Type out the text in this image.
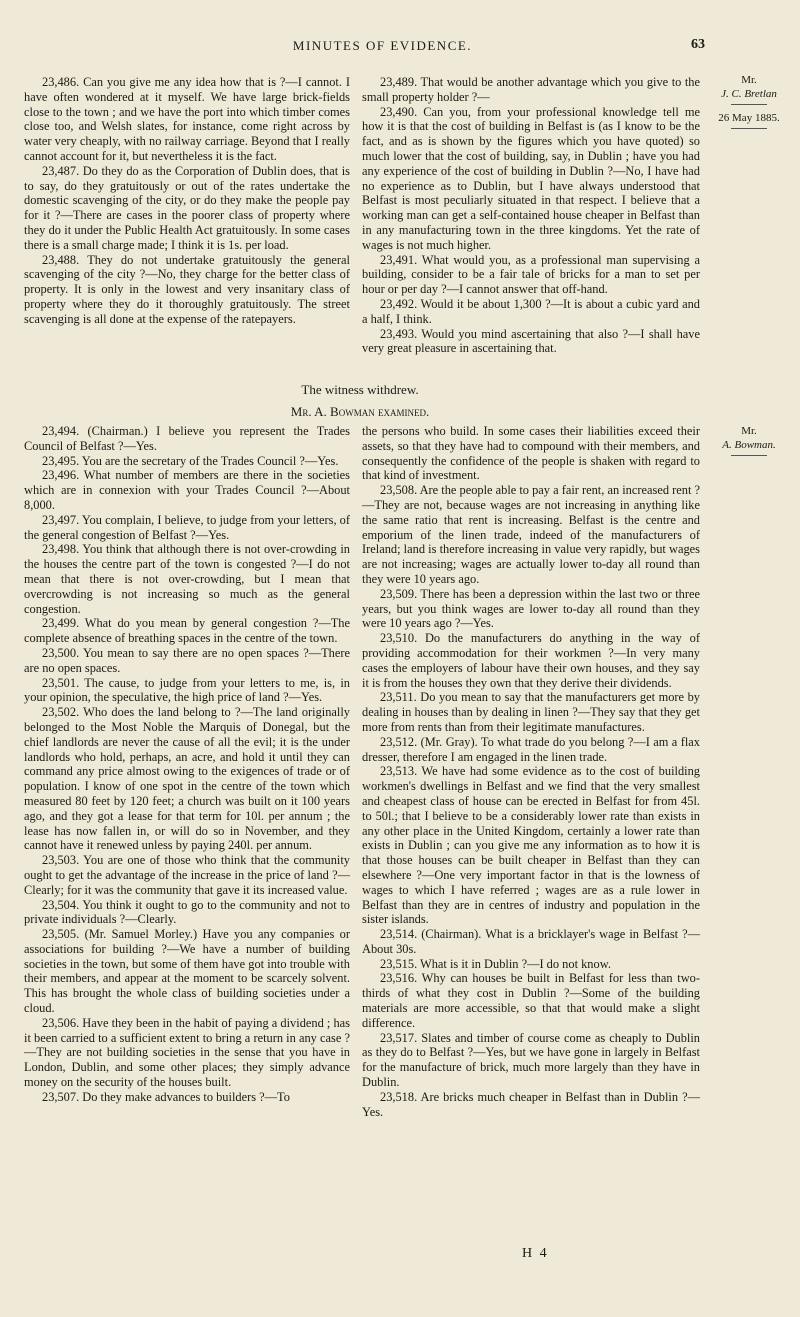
MINUTES OF EVIDENCE.	63

23,486. Can you give me any idea how that is ?—I cannot. I have often wondered at it myself. We have large brick-fields close to the town ; and we have the port into which timber comes close too, and Welsh slates, for instance, come right across by water very cheaply, with no railway carriage. Beyond that I really cannot account for it, but nevertheless it is the fact.

23,487. Do they do as the Corporation of Dublin does, that is to say, do they gratuitously or out of the rates undertake the domestic scavenging of the city, or do they make the people pay for it ?—There are cases in the poorer class of property where they do it under the Public Health Act gratuitously. In some cases there is a small charge made; I think it is 1s. per load.

23,488. They do not undertake gratuitously the general scavenging of the city ?—No, they charge for the better class of property. It is only in the lowest and very insanitary class of property where they do it thoroughly gratuitously. The street scavenging is all done at the expense of the ratepayers.

23,489. That would be another advantage which you give to the small property holder ?—

23,490. Can you, from your professional knowledge tell me how it is that the cost of building in Belfast is (as I know to be the fact, and as is shown by the figures which you have quoted) so much lower that the cost of building, say, in Dublin ; have you had any experience of the cost of building in Dublin ?—No, I have had no experience as to Dublin, but I have always understood that Belfast is most peculiarly situated in that respect. I believe that a working man can get a self-contained house cheaper in Belfast than in any manufacturing town in the three kingdoms. Yet the rate of wages is not much higher.

23,491. What would you, as a professional man supervising a building, consider to be a fair tale of bricks for a man to set per hour or per day ?—I cannot answer that off-hand.

23,492. Would it be about 1,300 ?—It is about a cubic yard and a half, I think.

23,493. Would you mind ascertaining that also ?—I shall have very great pleasure in ascertaining that.

Mr.
J. C. Bretlan
26 May 1885.
The witness withdrew.
Mr. A. Bowman examined.
Mr.
A. Bowman.

23,494. (Chairman.) I believe you represent the Trades Council of Belfast ?—Yes.

23,495. You are the secretary of the Trades Council ?—Yes.

23,496. What number of members are there in the societies which are in connexion with your Trades Council ?—About 8,000.

23,497. You complain, I believe, to judge from your letters, of the general congestion of Belfast ?—Yes.

23,498. You think that although there is not over-crowding in the houses the centre part of the town is congested ?—I do not mean that there is not over-crowding, but I mean that overcrowding is not increasing so much as the general congestion.

23,499. What do you mean by general congestion ?—The complete absence of breathing spaces in the centre of the town.

23,500. You mean to say there are no open spaces ?—There are no open spaces.

23,501. The cause, to judge from your letters to me, is, in your opinion, the speculative, the high price of land ?—Yes.

23,502. Who does the land belong to ?—The land originally belonged to the Most Noble the Marquis of Donegal, but the chief landlords are never the cause of all the evil; it is the under landlords who hold, perhaps, an acre, and hold it until they can command any price almost owing to the exigences of trade or of population. I know of one spot in the centre of the town which measured 80 feet by 120 feet; a church was built on it 100 years ago, and they got a lease for that term for 10l. per annum ; the lease has now fallen in, or will do so in November, and they cannot have it renewed unless by paying 240l. per annum.

23,503. You are one of those who think that the community ought to get the advantage of the increase in the price of land ?—Clearly; for it was the community that gave it its increased value.

23,504. You think it ought to go to the community and not to private individuals ?—Clearly.

23,505. (Mr. Samuel Morley.) Have you any companies or associations for building ?—We have a number of building societies in the town, but some of them have got into trouble with their members, and appear at the moment to be scarcely solvent. This has brought the whole class of building societies under a cloud.

23,506. Have they been in the habit of paying a dividend ; has it been carried to a sufficient extent to bring a return in any case ?—They are not building societies in the sense that you have in London, Dublin, and some other places; they simply advance money on the security of the houses built.

23,507. Do they make advances to builders ?—To

the persons who build. In some cases their liabilities exceed their assets, so that they have had to compound with their members, and consequently the confidence of the people is shaken with regard to that kind of investment.

23,508. Are the people able to pay a fair rent, an increased rent ?—They are not, because wages are not increasing in anything like the same ratio that rent is increasing. Belfast is the centre and emporium of the linen trade, indeed of the manufacturers of Ireland; land is therefore increasing in value very rapidly, but wages are not increasing; wages are actually lower to-day all round than they were 10 years ago.

23,509. There has been a depression within the last two or three years, but you think wages are lower to-day all round than they were 10 years ago ?—Yes.

23,510. Do the manufacturers do anything in the way of providing accommodation for their workmen ?—In very many cases the employers of labour have their own houses, and they say it is from the houses they own that they derive their dividends.

23,511. Do you mean to say that the manufacturers get more by dealing in houses than by dealing in linen ?—They say that they get more from rents than from their legitimate manufactures.

23,512. (Mr. Gray). To what trade do you belong ?—I am a flax dresser, therefore I am engaged in the linen trade.

23,513. We have had some evidence as to the cost of building workmen's dwellings in Belfast and we find that the very smallest and cheapest class of house can be erected in Belfast for from 45l. to 50l.; that I believe to be a considerably lower rate than exists in any other place in the United Kingdom, certainly a lower rate than exists in Dublin ; can you give me any information as to how it is that those houses can be built cheaper in Belfast than they can elsewhere ?—One very important factor in that is the lowness of wages to which I have referred ; wages are as a rule lower in Belfast than they are in centres of industry and population in the sister islands.

23,514. (Chairman). What is a bricklayer's wage in Belfast ?—About 30s.

23,515. What is it in Dublin ?—I do not know.

23,516. Why can houses be built in Belfast for less than two-thirds of what they cost in Dublin ?—Some of the building materials are more accessible, so that that would make a slight difference.

23,517. Slates and timber of course come as cheaply to Dublin as they do to Belfast ?—Yes, but we have gone in largely in Belfast for the manufacture of brick, much more largely than they have in Dublin.

23,518. Are bricks much cheaper in Belfast than in Dublin ?—Yes.

H 4
